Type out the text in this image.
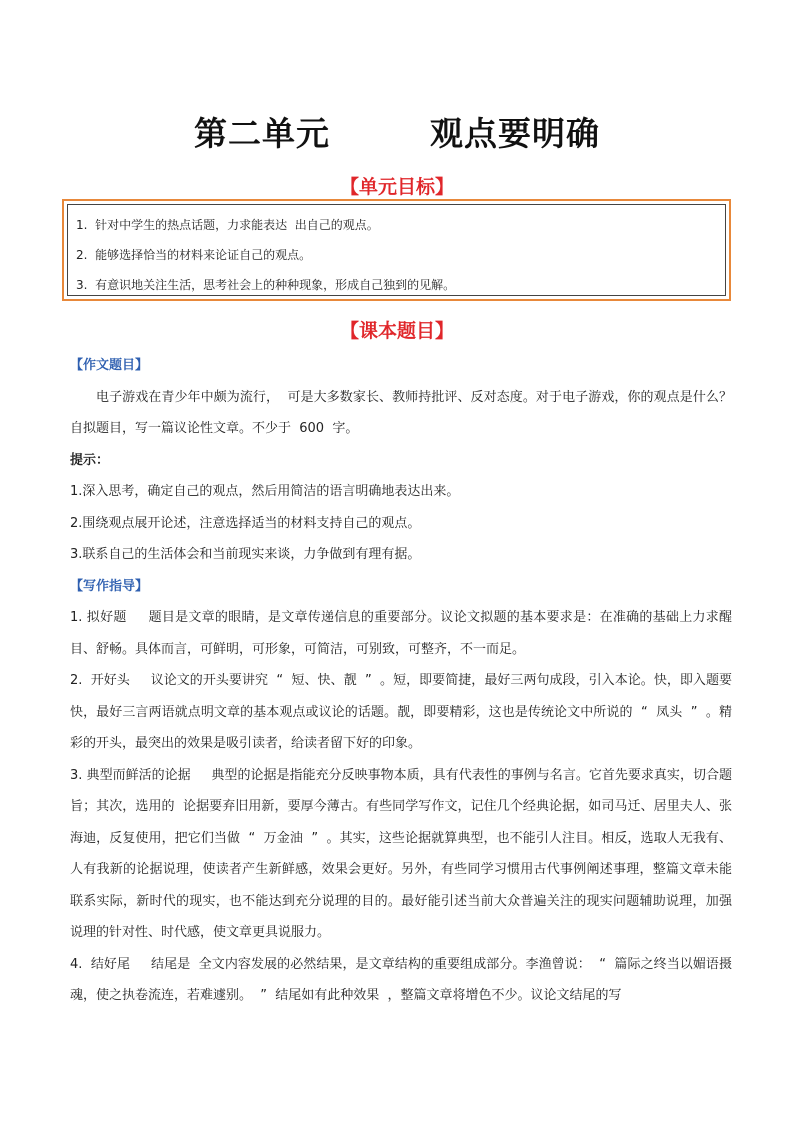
第二单元        观点要明确
【单元目标】
1.  针对中学生的热点话题，力求能表达  出自己的观点。
2.  能够选择恰当的材料来论证自己的观点。
3.  有意识地关注生活，思考社会上的种种现象，形成自己独到的见解。
【课本题目】
【作文题目】
电子游戏在青少年中颇为流行，  可是大多数家长、教师持批评、反对态度。对于电子游戏，你的观点是什么？自拟题目，写一篇议论性文章。不少于  600  字。
提示：
1.深入思考，确定自己的观点，然后用简洁的语言明确地表达出来。
2.围绕观点展开论述，注意选择适当的材料支持自己的观点。
3.联系自己的生活体会和当前现实来谈，力争做到有理有据。
【写作指导】
1. 拟好题     题目是文章的眼睛，是文章传递信息的重要部分。议论文拟题的基本要求是：在准确的基础上力求醒目、舒畅。具体而言，可鲜明，可形象，可简洁，可别致，可整齐，不一而足。
2.  开好头     议论文的开头要讲究  “  短、快、靓  ”  。短，即要简捷，最好三两句成段，引入本论。快，即入题要快，最好三言两语就点明文章的基本观点或议论的话题。靓，即要精彩，这也是传统论文中所说的  “  凤头  ”  。精彩的开头，最突出的效果是吸引读者，给读者留下好的印象。
3. 典型而鲜活的论据     典型的论据是指能充分反映事物本质，具有代表性的事例与名言。它首先要求真实，切合题旨；其次，选用的  论据要弃旧用新，要厚今薄古。有些同学写作文，记住几个经典论据，如司马迁、居里夫人、张海迪，反复使用，把它们当做  “  万金油  ”  。其实，这些论据就算典型，也不能引人注目。相反，选取人无我有、人有我新的论据说理，使读者产生新鲜感，效果会更好。另外，有些同学习惯用古代事例阐述事理，整篇文章未能联系实际，新时代的现实，也不能达到充分说理的目的。最好能引述当前大众普遍关注的现实问题辅助说理，加强说理的针对性、时代感，使文章更具说服力。
4.  结好尾     结尾是  全文内容发展的必然结果，是文章结构的重要组成部分。李渔曾说：  “  篇际之终当以媚语摄魂，使之执卷流连，若难遽别。  ”  结尾如有此种效果  ，整篇文章将增色不少。议论文结尾的写
